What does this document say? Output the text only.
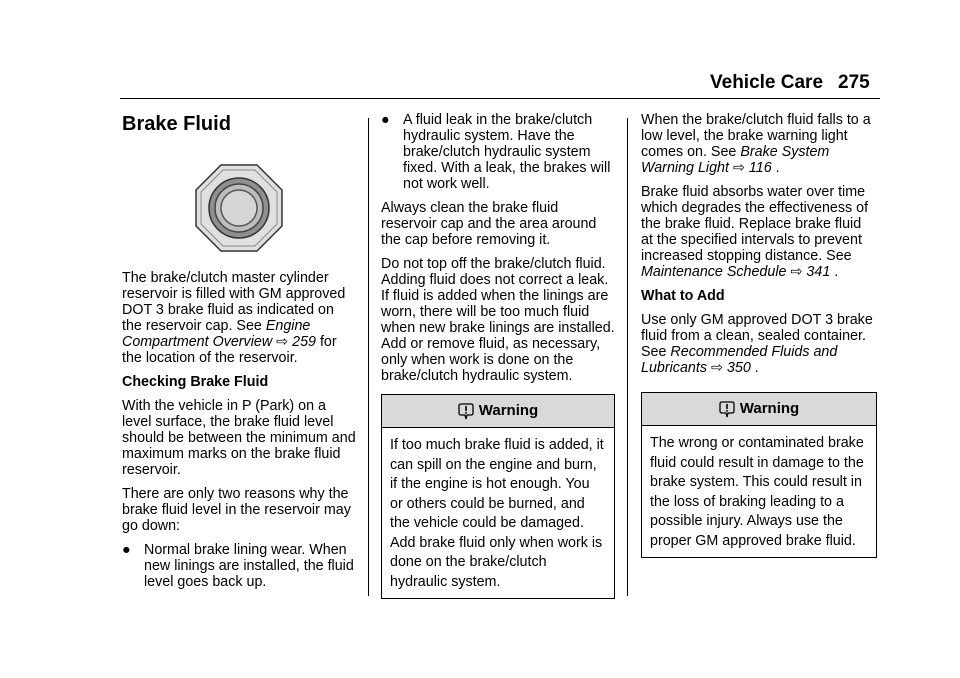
Vehicle Care 275
Brake Fluid

The brake/clutch master cylinder reservoir is filled with GM approved DOT 3 brake fluid as indicated on the reservoir cap. See Engine Compartment Overview ⇨ 259 for the location of the reservoir.

Checking Brake Fluid

With the vehicle in P (Park) on a level surface, the brake fluid level should be between the minimum and maximum marks on the brake fluid reservoir.

There are only two reasons why the brake fluid level in the reservoir may go down:

● Normal brake lining wear. When new linings are installed, the fluid level goes back up.
● A fluid leak in the brake/clutch hydraulic system. Have the brake/clutch hydraulic system fixed. With a leak, the brakes will not work well.

Always clean the brake fluid reservoir cap and the area around the cap before removing it.

Do not top off the brake/clutch fluid. Adding fluid does not correct a leak. If fluid is added when the linings are worn, there will be too much fluid when new brake linings are installed. Add or remove fluid, as necessary, only when work is done on the brake/clutch hydraulic system.

Warning
If too much brake fluid is added, it can spill on the engine and burn, if the engine is hot enough. You or others could be burned, and the vehicle could be damaged. Add brake fluid only when work is done on the brake/clutch hydraulic system.

When the brake/clutch fluid falls to a low level, the brake warning light comes on. See Brake System Warning Light ⇨ 116 .

Brake fluid absorbs water over time which degrades the effectiveness of the brake fluid. Replace brake fluid at the specified intervals to prevent increased stopping distance. See Maintenance Schedule ⇨ 341 .

What to Add

Use only GM approved DOT 3 brake fluid from a clean, sealed container. See Recommended Fluids and Lubricants ⇨ 350 .

Warning
The wrong or contaminated brake fluid could result in damage to the brake system. This could result in the loss of braking leading to a possible injury. Always use the proper GM approved brake fluid.
